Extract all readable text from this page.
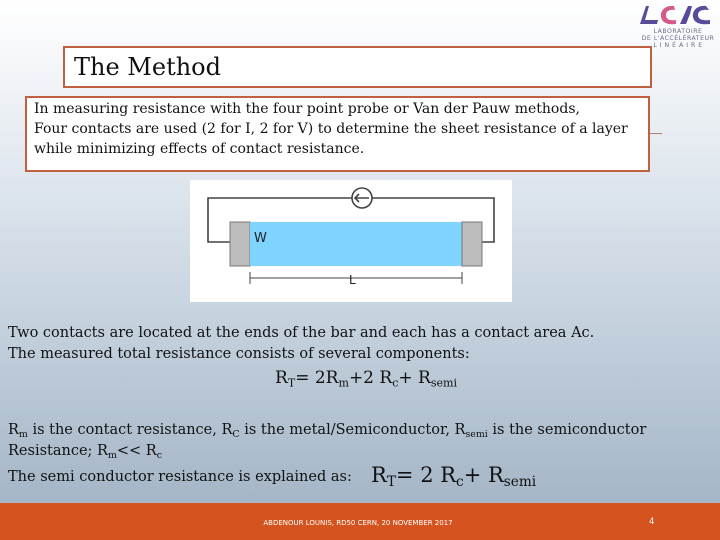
LABORATOIRE
DE L'ACCÉLÉRATEUR
L I N É A I R E
The Method

In measuring resistance with the four point probe or Van der Pauw methods,

Four contacts are used (2 for I, 2 for V) to determine the sheet resistance of a layer

while minimizing effects of contact resistance.

W
L
Two contacts are located at the ends of the bar and each has a contact area Ac.
The measured total resistance consists of several components:
$R_T= 2R_m+2$ $R_c+ R_{semi}$
$R_m$ is the contact resistance, $R_C$ is the metal/Semiconductor, $R_{semi}$ is the semiconductor
Resistance; $R_m<< R_c$
The semi conductor resistance is explained as: $R_T= 2$ $R_c+ R_{semi}$
ABDENOUR LOUNIS, RD50 CERN, 20 NOVEMBER 2017	4
